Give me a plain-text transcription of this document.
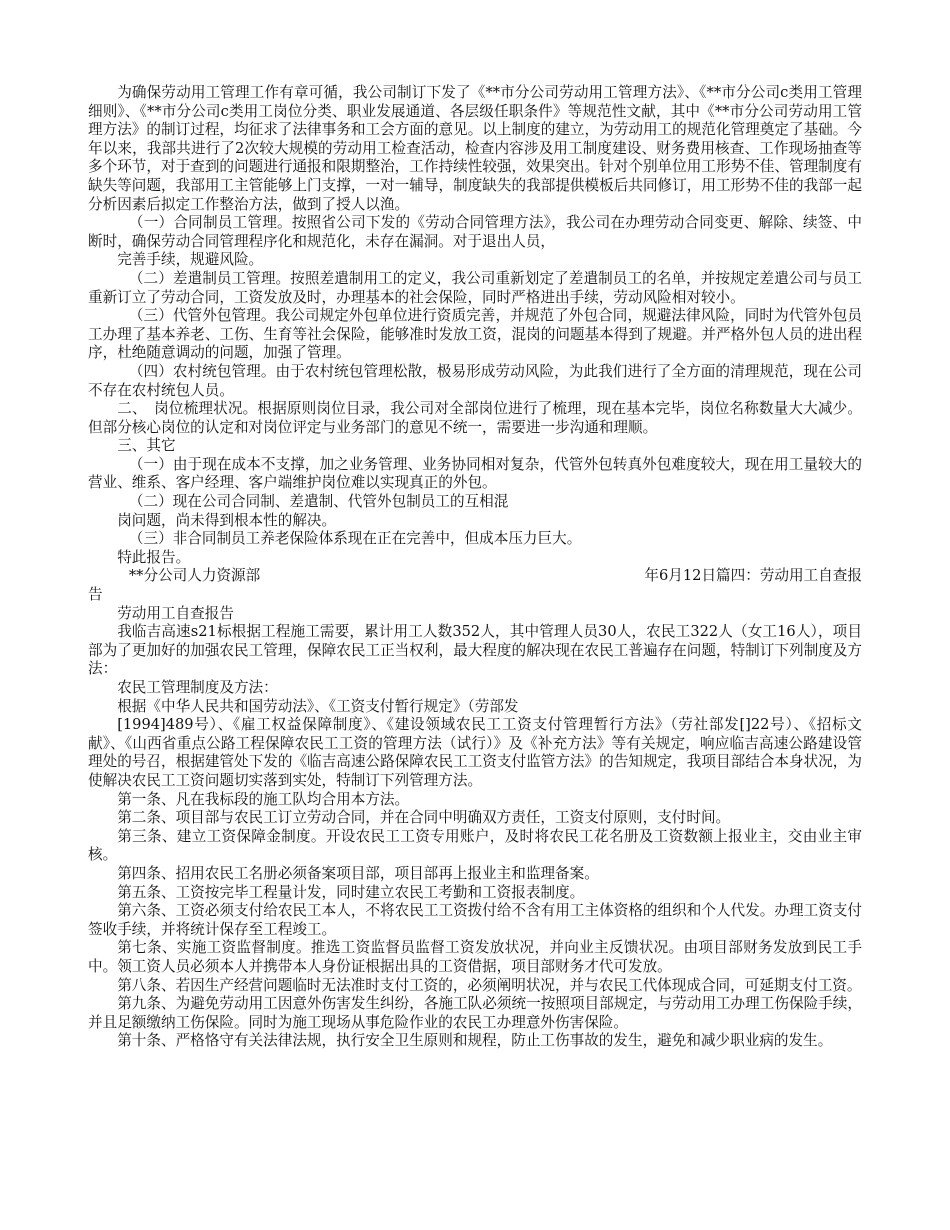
为确保劳动用工管理工作有章可循，我公司制订下发了《**市分公司劳动用工管理方法》、《**市分公司c类用工管理细则》、《**市分公司c类用工岗位分类、职业发展通道、各层级任职条件》等规范性文献，其中《**市分公司劳动用工管理方法》的制订过程，均征求了法律事务和工会方面的意见。以上制度的建立，为劳动用工的规范化管理奠定了基础。今年以来，我部共进行了2次较大规模的劳动用工检查活动，检查内容涉及用工制度建设、财务费用核查、工作现场抽查等多个环节，对于查到的问题进行通报和限期整治，工作持续性较强，效果突出。针对个别单位用工形势不佳、管理制度有缺失等问题，我部用工主管能够上门支撑，一对一辅导，制度缺失的我部提供模板后共同修订，用工形势不佳的我部一起分析因素后拟定工作整治方法，做到了授人以渔。

（一）合同制员工管理。按照省公司下发的《劳动合同管理方法》，我公司在办理劳动合同变更、解除、续签、中断时，确保劳动合同管理程序化和规范化，未存在漏洞。对于退出人员，

完善手续，规避风险。

（二）差遣制员工管理。按照差遣制用工的定义，我公司重新划定了差遣制员工的名单，并按规定差遣公司与员工重新订立了劳动合同，工资发放及时，办理基本的社会保险，同时严格进出手续，劳动风险相对较小。

（三）代管外包管理。我公司规定外包单位进行资质完善，并规范了外包合同，规避法律风险，同时为代管外包员工办理了基本养老、工伤、生育等社会保险，能够准时发放工资，混岗的问题基本得到了规避。并严格外包人员的进出程序，杜绝随意调动的问题，加强了管理。

（四）农村统包管理。由于农村统包管理松散，极易形成劳动风险，为此我们进行了全方面的清理规范，现在公司不存在农村统包人员。

二、　岗位梳理状况。根据原则岗位目录，我公司对全部岗位进行了梳理，现在基本完毕，岗位名称数量大大减少。但部分核心岗位的认定和对岗位评定与业务部门的意见不统一，需要进一步沟通和理顺。

三、其它

（一）由于现在成本不支撑，加之业务管理、业务协同相对复杂，代管外包转真外包难度较大，现在用工量较大的营业、维系、客户经理、客户端维护岗位难以实现真正的外包。

（二）现在公司合同制、差遣制、代管外包制员工的互相混

岗问题，尚未得到根本性的解决。

（三）非合同制员工养老保险体系现在正在完善中，但成本压力巨大。

特此报告。

**分公司人力资源部	年6月12日篇四：劳动用工自查报

告

劳动用工自查报告

我临吉高速s21标根据工程施工需要，累计用工人数352人，其中管理人员30人，农民工322人（女工16人），项目部为了更加好的加强农民工管理，保障农民工正当权利，最大程度的解决现在农民工普遍存在问题，特制订下列制度及方法：

农民工管理制度及方法：

根据《中华人民共和国劳动法》、《工资支付暂行规定》（劳部发

[1994]489号）、《雇工权益保障制度》、《建设领域农民工工资支付管理暂行方法》（劳社部发[]22号）、《招标文献》、《山西省重点公路工程保障农民工工资的管理方法（试行）》及《补充方法》等有关规定，响应临吉高速公路建设管理处的号召，根据建管处下发的《临吉高速公路保障农民工工资支付监管方法》的告知规定，我项目部结合本身状况，为使解决农民工工资问题切实落到实处，特制订下列管理方法。

第一条、凡在我标段的施工队均合用本方法。

第二条、项目部与农民工订立劳动合同，并在合同中明确双方责任，工资支付原则，支付时间。

第三条、建立工资保障金制度。开设农民工工资专用账户，及时将农民工花名册及工资数额上报业主，交由业主审核。

第四条、招用农民工名册必须备案项目部，项目部再上报业主和监理备案。

第五条、工资按完毕工程量计发，同时建立农民工考勤和工资报表制度。

第六条、工资必须支付给农民工本人，不将农民工工资拨付给不含有用工主体资格的组织和个人代发。办理工资支付签收手续，并将统计保存至工程竣工。

第七条、实施工资监督制度。推选工资监督员监督工资发放状况，并向业主反馈状况。由项目部财务发放到民工手中。领工资人员必须本人并携带本人身份证根据出具的工资借据，项目部财务才代可发放。

第八条、若因生产经营问题临时无法准时支付工资的，必须阐明状况，并与农民工代体现成合同，可延期支付工资。

第九条、为避免劳动用工因意外伤害发生纠纷，各施工队必须统一按照项目部规定，与劳动用工办理工伤保险手续，并且足额缴纳工伤保险。同时为施工现场从事危险作业的农民工办理意外伤害保险。

第十条、严格恪守有关法律法规，执行安全卫生原则和规程，防止工伤事故的发生，避免和减少职业病的发生。
